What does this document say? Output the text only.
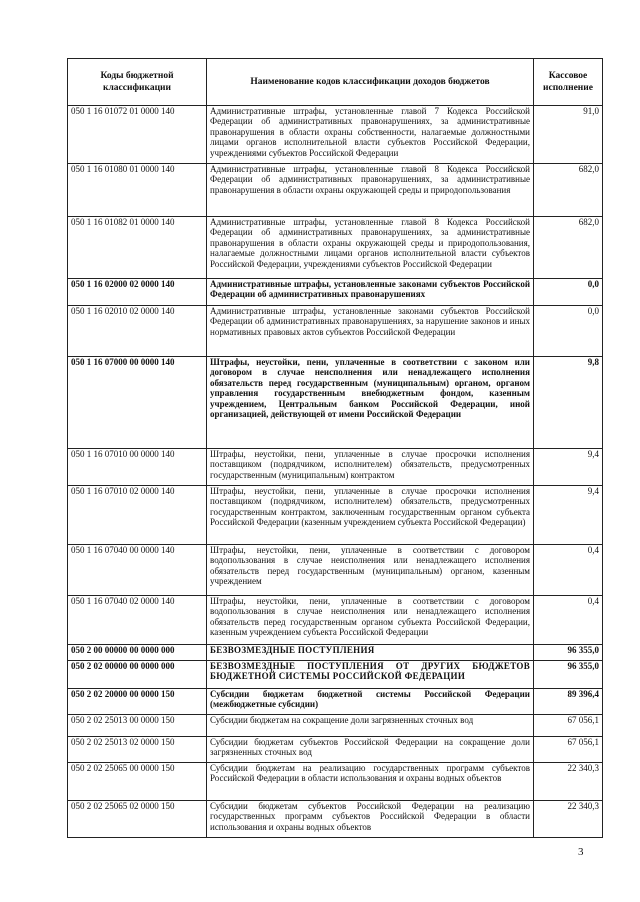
Коды бюджетной классификации	Наименование кодов классификации доходов бюджетов	Кассовое исполнение
050 1 16 01072 01 0000 140	Административные штрафы, установленные главой 7 Кодекса Российской Федерации об административных правонарушениях, за административные правонарушения в области охраны собственности, налагаемые должностными лицами органов исполнительной власти субъектов Российской Федерации, учреждениями субъектов Российской Федерации	91,0
050 1 16 01080 01 0000 140	Административные штрафы, установленные главой 8 Кодекса Российской Федерации об административных правонарушениях, за административные правонарушения в области охраны окружающей среды и природопользования	682,0
050 1 16 01082 01 0000 140	Административные штрафы, установленные главой 8 Кодекса Российской Федерации об административных правонарушениях, за административные правонарушения в области охраны окружающей среды и природопользования, налагаемые должностными лицами органов исполнительной власти субъектов Российской Федерации, учреждениями субъектов Российской Федерации	682,0
050 1 16 02000 02 0000 140	Административные штрафы, установленные законами субъектов Российской Федерации об административных правонарушениях	0,0
050 1 16 02010 02 0000 140	Административные штрафы, установленные законами субъектов Российской Федерации об административных правонарушениях, за нарушение законов и иных нормативных правовых актов субъектов Российской Федерации	0,0
050 1 16 07000 00 0000 140	Штрафы, неустойки, пени, уплаченные в соответствии с законом или договором в случае неисполнения или ненадлежащего исполнения обязательств перед государственным (муниципальным) органом, органом управления государственным внебюджетным фондом, казенным учреждением, Центральным банком Российской Федерации, иной организацией, действующей от имени Российской Федерации	9,8
050 1 16 07010 00 0000 140	Штрафы, неустойки, пени, уплаченные в случае просрочки исполнения поставщиком (подрядчиком, исполнителем) обязательств, предусмотренных государственным (муниципальным) контрактом	9,4
050 1 16 07010 02 0000 140	Штрафы, неустойки, пени, уплаченные в случае просрочки исполнения поставщиком (подрядчиком, исполнителем) обязательств, предусмотренных государственным контрактом, заключенным государственным органом субъекта Российской Федерации (казенным учреждением субъекта Российской Федерации)	9,4
050 1 16 07040 00 0000 140	Штрафы, неустойки, пени, уплаченные в соответствии с договором водопользования в случае неисполнения или ненадлежащего исполнения обязательств перед государственным (муниципальным) органом, казенным учреждением	0,4
050 1 16 07040 02 0000 140	Штрафы, неустойки, пени, уплаченные в соответствии с договором водопользования в случае неисполнения или ненадлежащего исполнения обязательств перед государственным органом субъекта Российской Федерации, казенным учреждением субъекта Российской Федерации	0,4
050 2 00 00000 00 0000 000	БЕЗВОЗМЕЗДНЫЕ ПОСТУПЛЕНИЯ	96 355,0
050 2 02 00000 00 0000 000	БЕЗВОЗМЕЗДНЫЕ ПОСТУПЛЕНИЯ ОТ ДРУГИХ БЮДЖЕТОВ БЮДЖЕТНОЙ СИСТЕМЫ РОССИЙСКОЙ ФЕДЕРАЦИИ	96 355,0
050 2 02 20000 00 0000 150	Субсидии бюджетам бюджетной системы Российской Федерации (межбюджетные субсидии)	89 396,4
050 2 02 25013 00 0000 150	Субсидии бюджетам на сокращение доли загрязненных сточных вод	67 056,1
050 2 02 25013 02 0000 150	Субсидии бюджетам субъектов Российской Федерации на сокращение доли загрязненных сточных вод	67 056,1
050 2 02 25065 00 0000 150	Субсидии бюджетам на реализацию государственных программ субъектов Российской Федерации в области использования и охраны водных объектов	22 340,3
050 2 02 25065 02 0000 150	Субсидии бюджетам субъектов Российской Федерации на реализацию государственных программ субъектов Российской Федерации в области использования и охраны водных объектов	22 340,3
3
